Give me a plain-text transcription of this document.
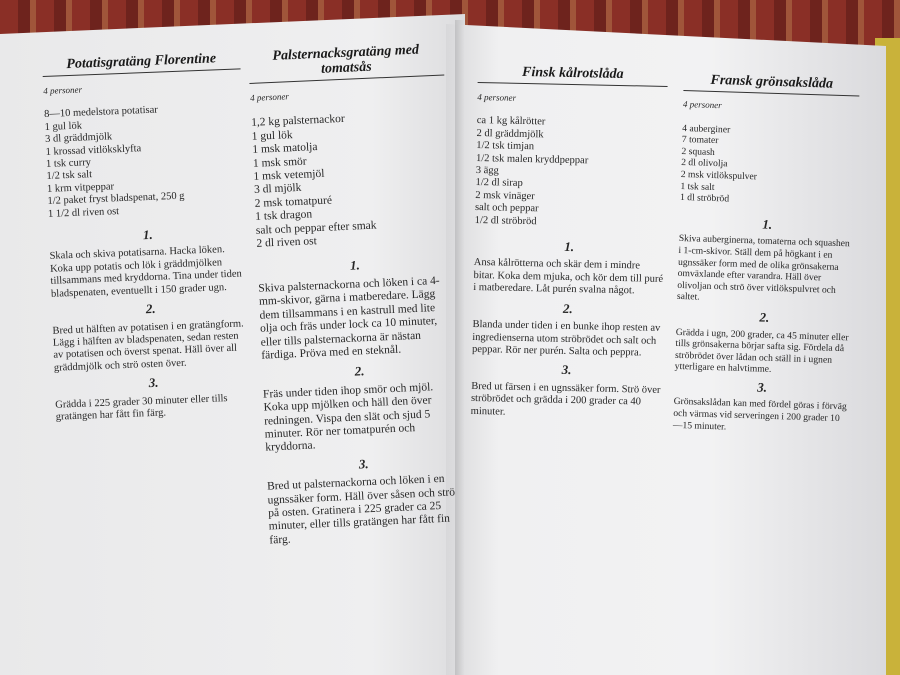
Potatisgratäng Florentine
4 personer
8—10 medelstora potatisar
1 gul lök
3 dl gräddmjölk
1 krossad vitlöksklyfta
1 tsk curry
1/2 tsk salt
1 krm vitpeppar
1/2 paket fryst bladspenat, 250 g
1 1/2 dl riven ost
1.
Skala och skiva potatisarna. Hacka löken. Koka upp potatis och lök i gräddmjölken tillsammans med kryddorna. Tina under tiden bladspenaten, eventuellt i 150 grader ugn.
2.
Bred ut hälften av potatisen i en gratängform. Lägg i hälften av bladspenaten, sedan resten av potatisen och överst spenat. Häll över all gräddmjölk och strö osten över.
3.
Grädda i 225 grader 30 minuter eller tills gratängen har fått fin färg.
Palsternacksgratäng med tomatsås
4 personer
1,2 kg palsternackor
1 gul lök
1 msk matolja
1 msk smör
1 msk vetemjöl
3 dl mjölk
2 msk tomatpuré
1 tsk dragon
salt och peppar efter smak
2 dl riven ost
1.
Skiva palsternackorna och löken i ca 4-mm-skivor, gärna i matberedare. Lägg dem tillsammans i en kastrull med lite olja och fräs under lock ca 10 minuter, eller tills palsternackorna är nästan färdiga. Pröva med en steknål.
2.
Fräs under tiden ihop smör och mjöl. Koka upp mjölken och häll den över redningen. Vispa den slät och sjud 5 minuter. Rör ner tomatpurén och kryddorna.
3.
Bred ut palsternackorna och löken i en ugnssäker form. Häll över såsen och strö på osten. Gratinera i 225 grader ca 25 minuter, eller tills gratängen har fått fin färg.
Finsk kålrotslåda
4 personer
ca 1 kg kålrötter
2 dl gräddmjölk
1/2 tsk timjan
1/2 tsk malen kryddpeppar
3 ägg
1/2 dl sirap
2 msk vinäger
salt och peppar
1/2 dl ströbröd
1.
Ansa kålrötterna och skär dem i mindre bitar. Koka dem mjuka, och kör dem till puré i matberedare. Låt purén svalna något.
2.
Blanda under tiden i en bunke ihop resten av ingredienserna utom ströbrödet och salt och peppar. Rör ner purén. Salta och peppra.
3.
Bred ut färsen i en ugnssäker form. Strö över ströbrödet och grädda i 200 grader ca 40 minuter.
Fransk grönsakslåda
4 personer
4 auberginer
7 tomater
2 squash
2 dl olivolja
2 msk vitlökspulver
1 tsk salt
1 dl ströbröd
1.
Skiva auberginerna, tomaterna och squashen i 1-cm-skivor. Ställ dem på högkant i en ugnssäker form med de olika grönsakerna omväxlande efter varandra. Häll över olivoljan och strö över vitlökspulvret och saltet.
2.
Grädda i ugn, 200 grader, ca 45 minuter eller tills grönsakerna börjar safta sig. Fördela då ströbrödet över lådan och ställ in i ugnen ytterligare en halvtimme.
3.
Grönsakslådan kan med fördel göras i förväg och värmas vid serveringen i 200 grader 10—15 minuter.
